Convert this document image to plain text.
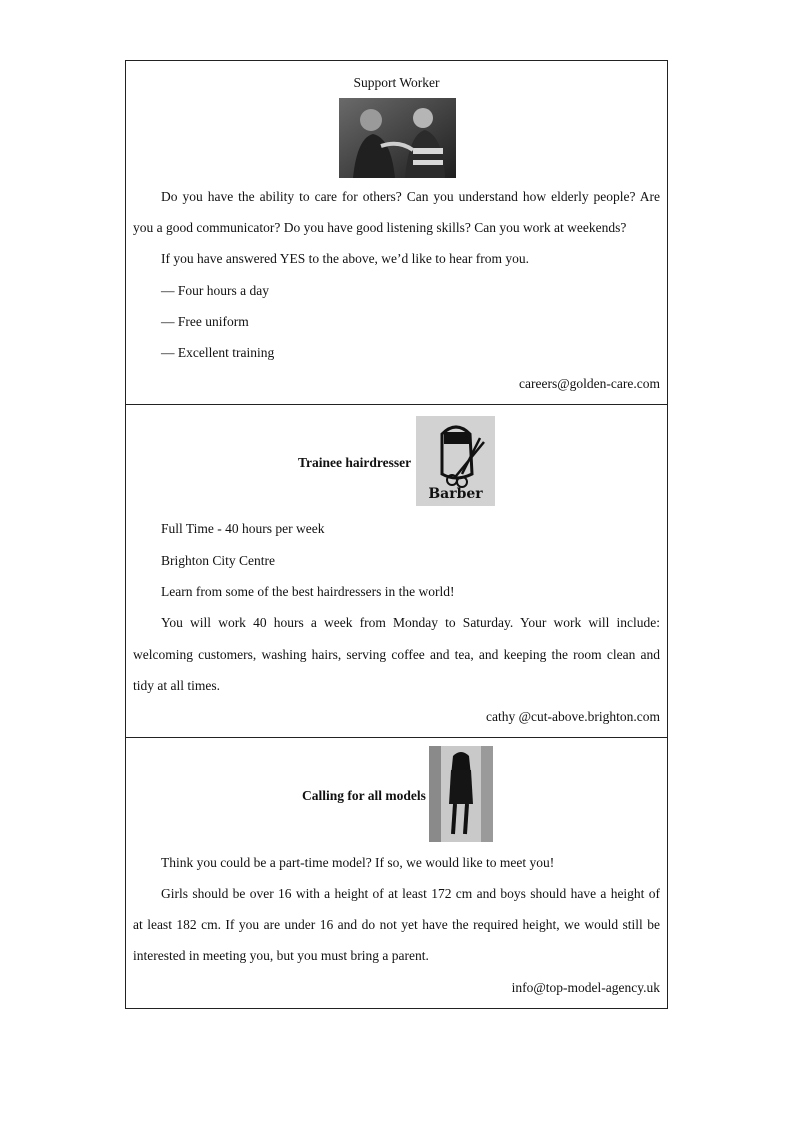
Support Worker
Do you have the ability to care for others? Can you understand how elderly people? Are
you a good communicator? Do you have good listening skills? Can you work at weekends?
If you have answered YES to the above, we’d like to hear from you.
— Four hours a day
— Free uniform
— Excellent training
careers@golden-care.com
Trainee hairdresser
Barber
Full Time - 40 hours per week
Brighton City Centre
Learn from some of the best hairdressers in the world!
You will work 40 hours a week from Monday to Saturday. Your work will include:
welcoming customers, washing hairs, serving coffee and tea, and keeping the room clean and
tidy at all times.
cathy @cut-above.brighton.com
Calling for all models
Think you could be a part-time model? If so, we would like to meet you!
Girls should be over 16 with a height of at least 172 cm and boys should have a height of
at least 182 cm. If you are under 16 and do not yet have the required height, we would still be
interested in meeting you, but you must bring a parent.
info@top-model-agency.uk
